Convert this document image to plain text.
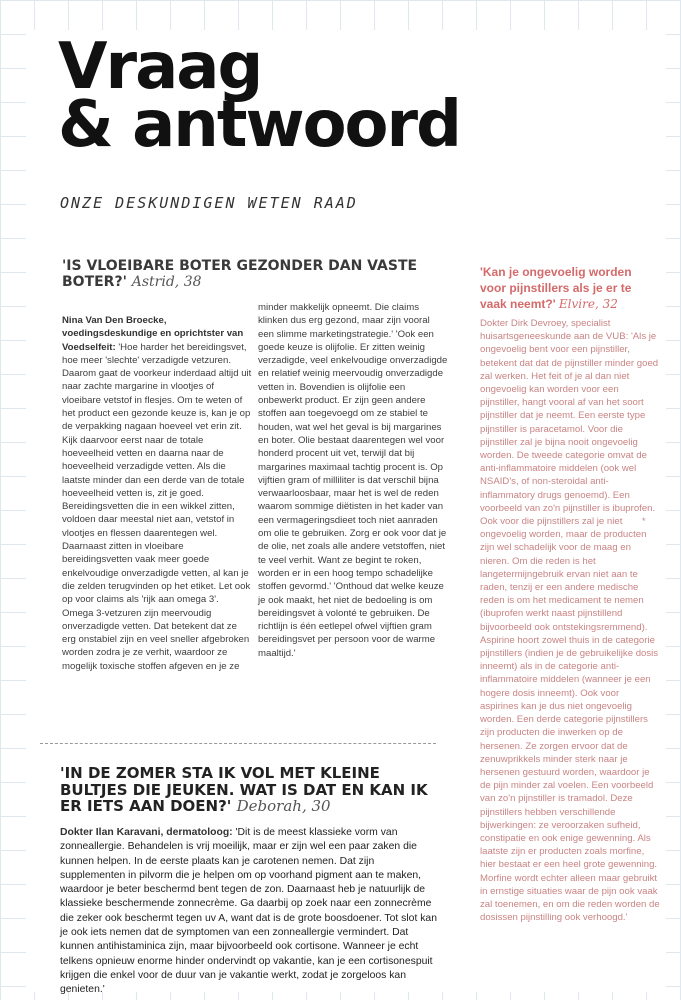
Vraag
& antwoord
ONZE DESKUNDIGEN WETEN RAAD
'IS VLOEIBARE BOTER GEZONDER DAN VASTE BOTER?' Astrid, 38

Nina Van Den Broecke, voedingsdeskundige en oprichtster van Voedselfeit: 'Hoe harder het bereidingsvet, hoe meer 'slechte' verzadigde vetzuren. Daarom gaat de voorkeur inderdaad altijd uit naar zachte margarine in vlootjes of vloeibare vetstof in flesjes. Om te weten of het product een gezonde keuze is, kan je op de verpakking nagaan hoeveel vet erin zit. Kijk daarvoor eerst naar de totale hoeveelheid vetten en daarna naar de hoeveelheid verzadigde vetten. Als die laatste minder dan een derde van de totale hoeveelheid vetten is, zit je goed. Bereidingsvetten die in een wikkel zitten, voldoen daar meestal niet aan, vetstof in vlootjes en flessen daarentegen wel. Daarnaast zitten in vloeibare bereidingsvetten vaak meer goede enkelvoudige onverzadigde vetten, al kan je die zelden terugvinden op het etiket. Let ook op voor claims als 'rijk aan omega 3'. Omega 3-vetzuren zijn meervoudig onverzadigde vetten. Dat betekent dat ze erg onstabiel zijn en veel sneller afgebroken worden zodra je ze verhit, waardoor ze mogelijk toxische stoffen afgeven en je ze

minder makkelijk opneemt. Die claims klinken dus erg gezond, maar zijn vooral een slimme marketingstrategie.' 'Ook een goede keuze is olijfolie. Er zitten weinig verzadigde, veel enkelvoudige onverzadigde en relatief weinig meervoudig onverzadigde vetten in. Bovendien is olijfolie een onbewerkt product. Er zijn geen andere stoffen aan toegevoegd om ze stabiel te houden, wat wel het geval is bij margarines en boter. Olie bestaat daarentegen wel voor honderd procent uit vet, terwijl dat bij margarines maximaal tachtig procent is. Op vijftien gram of milliliter is dat verschil bijna verwaarloosbaar, maar het is wel de reden waarom sommige diëtisten in het kader van een vermageringsdieet toch niet aanraden om olie te gebruiken. Zorg er ook voor dat je de olie, net zoals alle andere vetstoffen, niet te veel verhit. Want ze begint te roken, worden er in een hoog tempo schadelijke stoffen gevormd.' 'Onthoud dat welke keuze je ook maakt, het niet de bedoeling is om bereidingsvet à volonté te gebruiken. De richtlijn is één eetlepel ofwel vijftien gram bereidingsvet per persoon voor de warme maaltijd.'

'IN DE ZOMER STA IK VOL MET KLEINE BULTJES DIE JEUKEN. WAT IS DAT EN KAN IK ER IETS AAN DOEN?' Deborah, 30

Dokter Ilan Karavani, dermatoloog: 'Dit is de meest klassieke vorm van zonneallergie. Behandelen is vrij moeilijk, maar er zijn wel een paar zaken die kunnen helpen. In de eerste plaats kan je carotenen nemen. Dat zijn supplementen in pilvorm die je helpen om op voorhand pigment aan te maken, waardoor je beter beschermd bent tegen de zon. Daarnaast heb je natuurlijk de klassieke beschermende zonnecrème. Ga daarbij op zoek naar een zonnecrème die zeker ook beschermt tegen uv A, want dat is de grote boosdoener. Tot slot kan je ook iets nemen dat de symptomen van een zonneallergie vermindert. Dat kunnen antihistaminica zijn, maar bijvoorbeeld ook cortisone. Wanneer je echt telkens opnieuw enorme hinder ondervindt op vakantie, kan je een cortisonespuit krijgen die enkel voor de duur van je vakantie werkt, zodat je zorgeloos kan genieten.'

'Kan je ongevoelig worden voor pijnstillers als je er te vaak neemt?' Elvire, 32

Dokter Dirk Devroey, specialist huisartsgeneeskunde aan de VUB: 'Als je ongevoelig bent voor een pijnstiller, betekent dat dat de pijnstiller minder goed zal werken. Het feit of je al dan niet ongevoelig kan worden voor een pijnstiller, hangt vooral af van het soort pijnstiller dat je neemt. Een eerste type pijnstiller is paracetamol. Voor die pijnstiller zal je bijna nooit ongevoelig worden. De tweede categorie omvat de anti-inflammatoire middelen (ook wel NSAID's, of non-steroidal anti-inflammatory drugs genoemd). Een voorbeeld van zo'n pijnstiller is ibuprofen. Ook voor die pijnstillers zal je niet ongevoelig worden, maar de producten zijn wel schadelijk voor de maag en nieren. Om die reden is het langetermijngebruik ervan niet aan te raden, tenzij er een andere medische reden is om het medicament te nemen (ibuprofen werkt naast pijnstillend bijvoorbeeld ook ontstekingsremmend). Aspirine hoort zowel thuis in de categorie pijnstillers (indien je de gebruikelijke dosis inneemt) als in de categorie anti-inflammatoire middelen (wanneer je een hogere dosis inneemt). Ook voor aspirines kan je dus niet ongevoelig worden. Een derde categorie pijnstillers zijn producten die inwerken op de hersenen. Ze zorgen ervoor dat de zenuwprikkels minder sterk naar je hersenen gestuurd worden, waardoor je de pijn minder zal voelen. Een voorbeeld van zo'n pijnstiller is tramadol. Deze pijnstillers hebben verschillende bijwerkingen: ze veroorzaken sufheid, constipatie en ook enige gewenning. Als laatste zijn er producten zoals morfine, hier bestaat er een heel grote gewenning. Morfine wordt echter alleen maar gebruikt in ernstige situaties waar de pijn ook vaak zal toenemen, en om die reden worden de dosissen pijnstilling ook verhoogd.'

*
